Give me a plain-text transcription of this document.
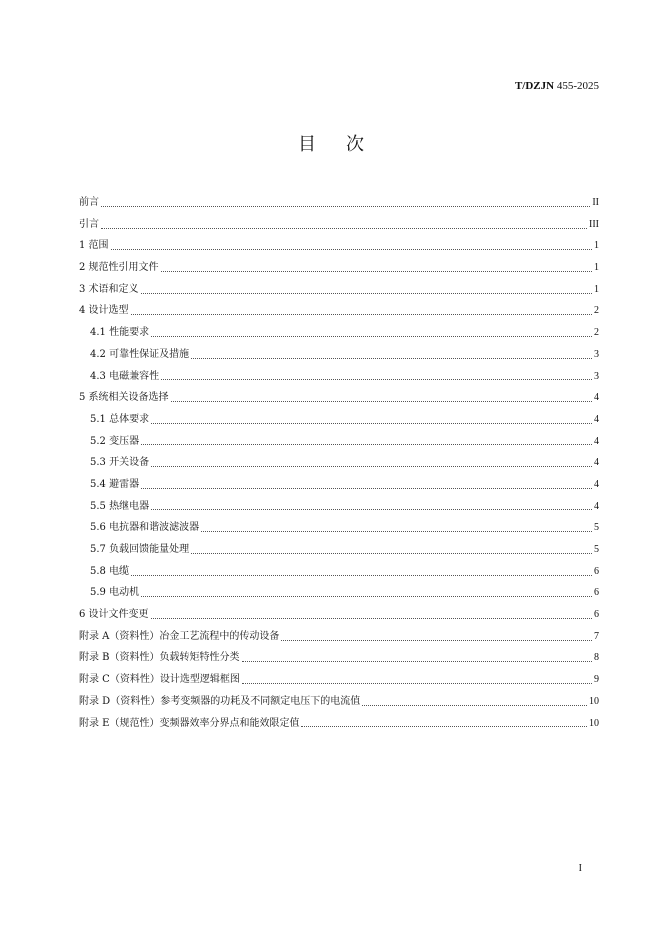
T/DZJN 455-2025
目次
前言	II
引言	III
1 范围	1
2 规范性引用文件	1
3 术语和定义	1
4 设计选型	2
4.1 性能要求	2
4.2 可靠性保证及措施	3
4.3 电磁兼容性	3
5 系统相关设备选择	4
5.1 总体要求	4
5.2 变压器	4
5.3 开关设备	4
5.4 避雷器	4
5.5 热继电器	4
5.6 电抗器和谐波滤波器	5
5.7 负载回馈能量处理	5
5.8 电缆	6
5.9 电动机	6
6 设计文件变更	6
附录 A（资料性）冶金工艺流程中的传动设备	7
附录 B（资料性）负载转矩特性分类	8
附录 C（资料性）设计选型逻辑框图	9
附录 D（资料性）参考变频器的功耗及不同额定电压下的电流值	10
附录 E（规范性）变频器效率分界点和能效限定值	10
I
